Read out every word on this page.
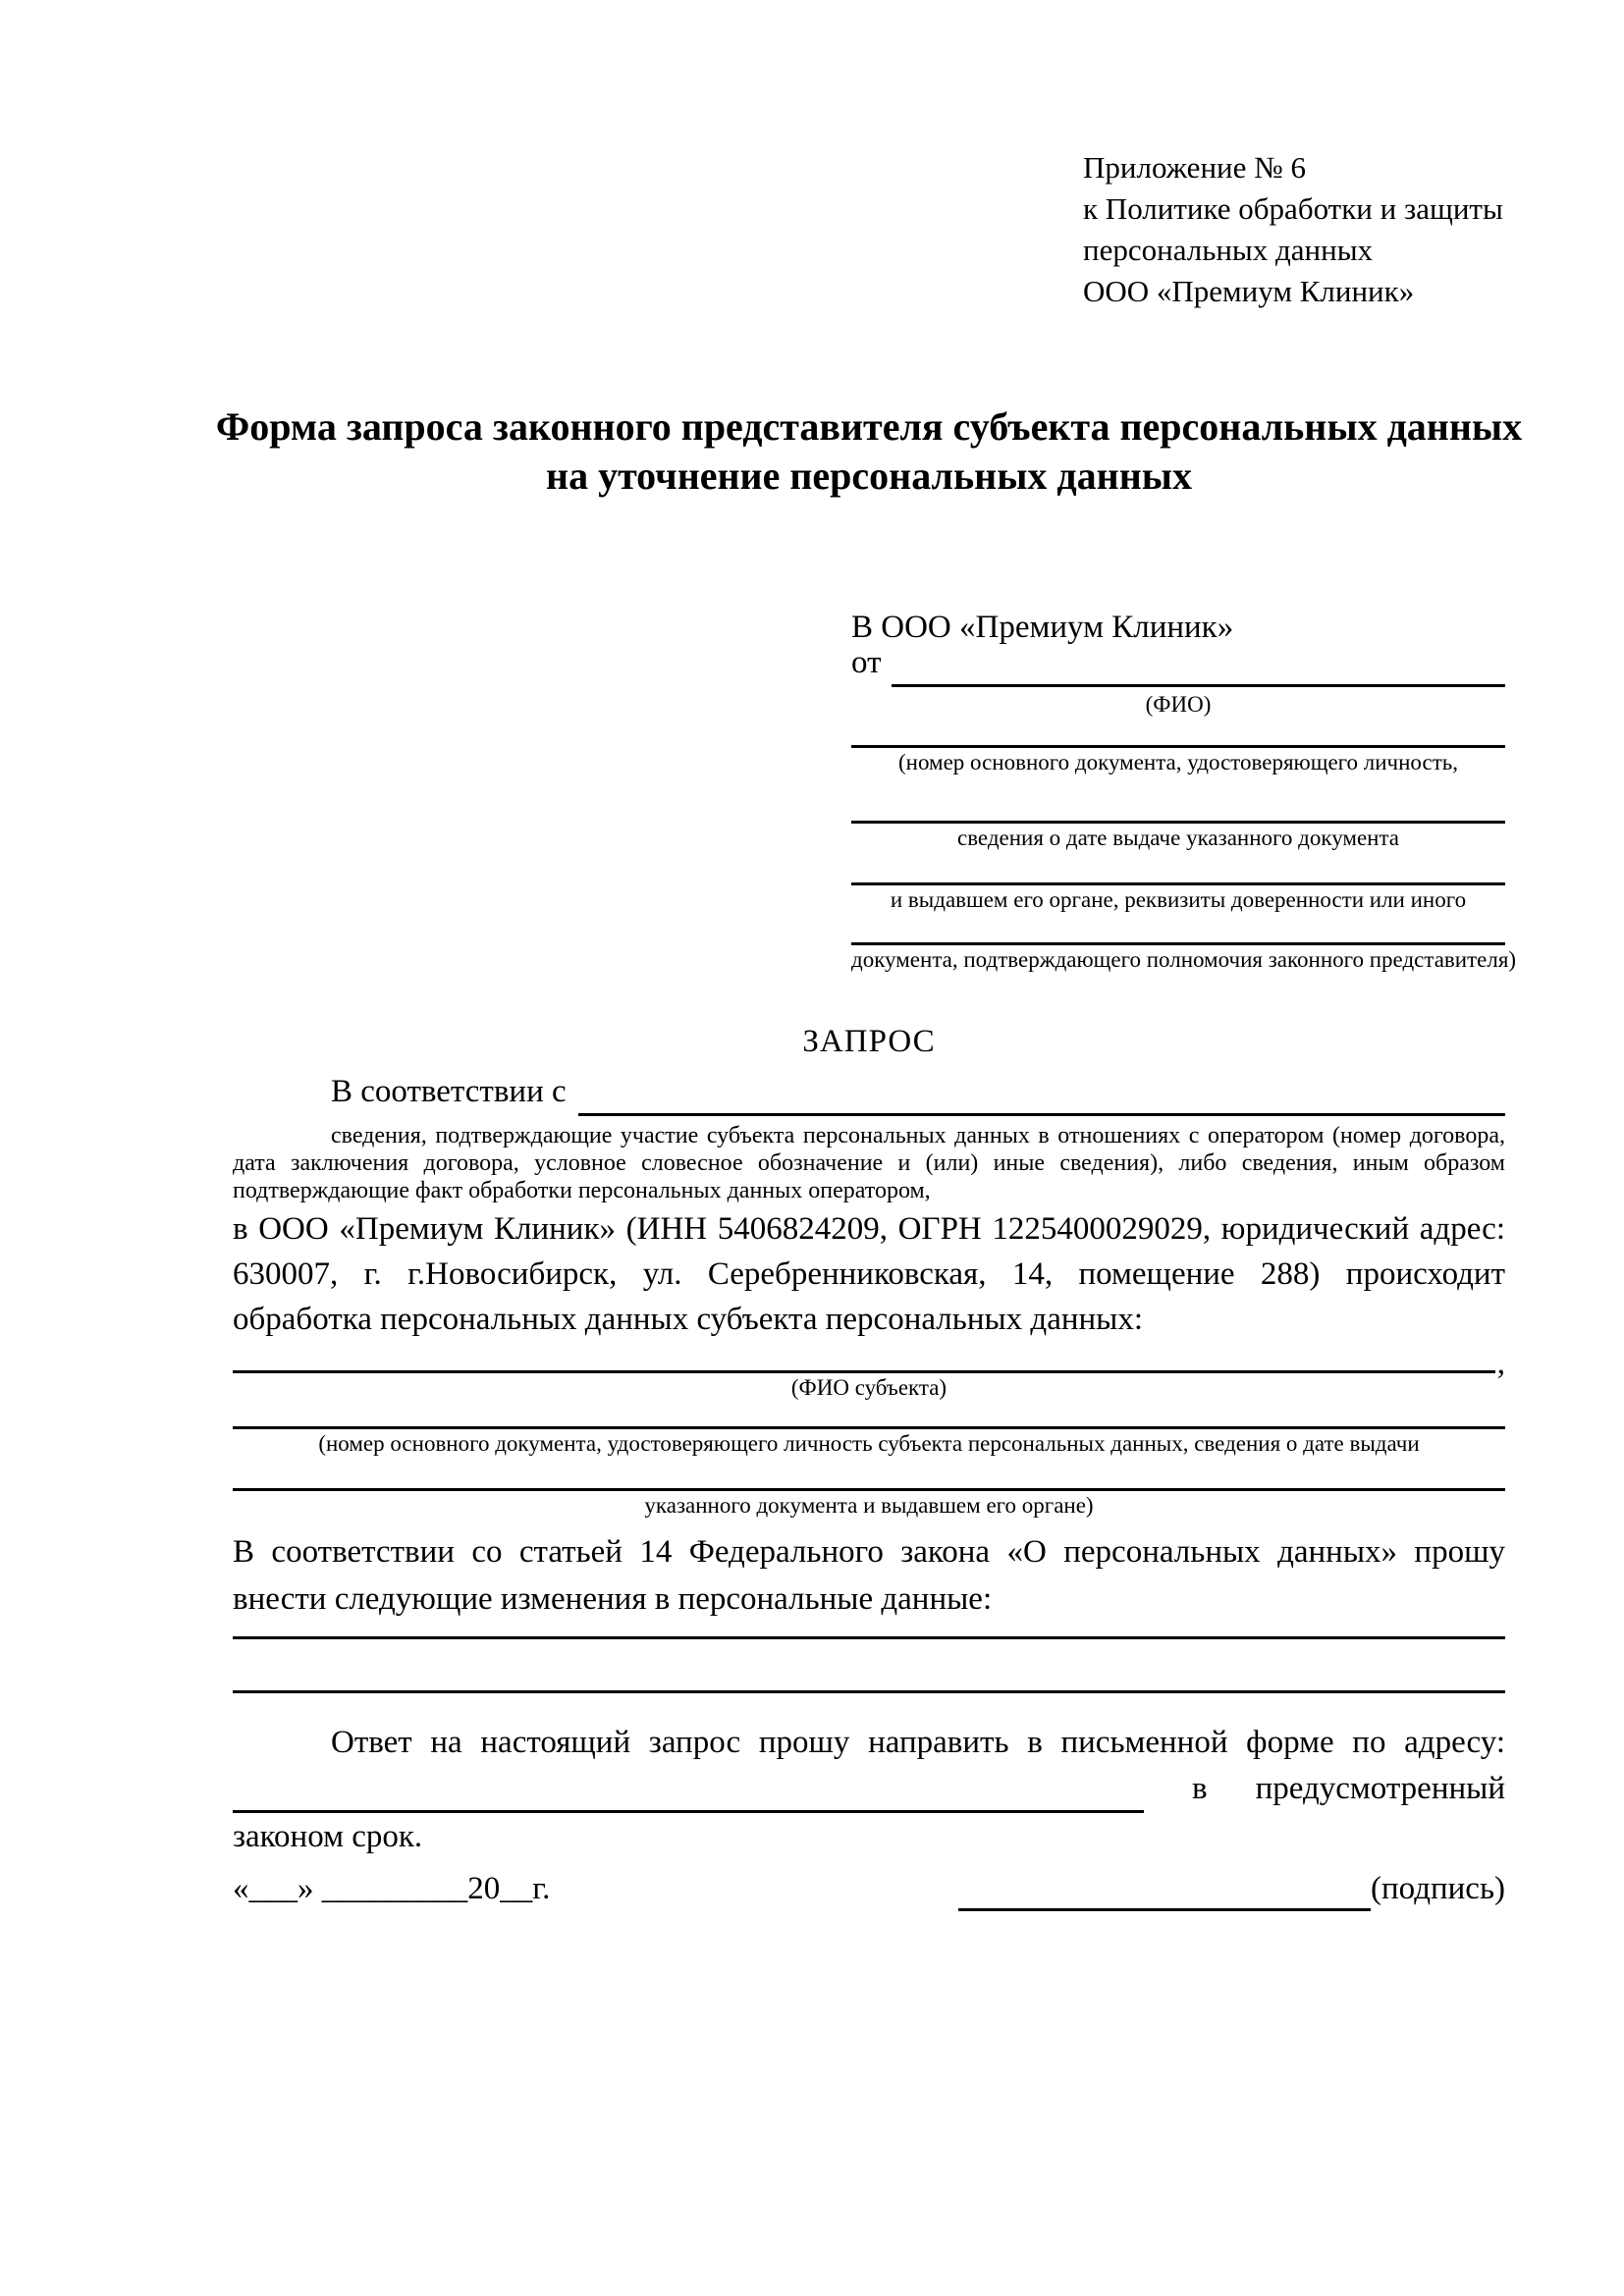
Приложение № 6
к Политике обработки и защиты
персональных данных
ООО «Премиум Клиник»
Форма запроса законного представителя субъекта персональных данных
на уточнение персональных данных
В ООО «Премиум Клиник»
от
(ФИО)
(номер основного документа, удостоверяющего личность,
сведения о дате выдаче указанного документа
и выдавшем его органе, реквизиты доверенности или иного
документа, подтверждающего полномочия законного представителя)
ЗАПРОС
В соответствии с
сведения, подтверждающие участие субъекта персональных данных в отношениях с оператором (номер договора, дата заключения договора, условное словесное обозначение и (или) иные сведения), либо сведения, иным образом подтверждающие факт обработки персональных данных оператором,
в ООО «Премиум Клиник» (ИНН 5406824209, ОГРН 1225400029029, юридический адрес: 630007, г. г.Новосибирск, ул. Серебренниковская, 14, помещение 288) происходит обработка персональных данных субъекта персональных данных:
,
(ФИО субъекта)
(номер основного документа, удостоверяющего личность субъекта персональных данных, сведения о дате выдачи
указанного документа и выдавшем его органе)
В соответствии со статьей 14 Федерального закона «О персональных данных» прошу внести следующие изменения в персональные данные:
Ответ на настоящий запрос прошу направить в письменной форме по адресу:
в предусмотренный
законом срок.
«___» _________20__г.	(подпись)
